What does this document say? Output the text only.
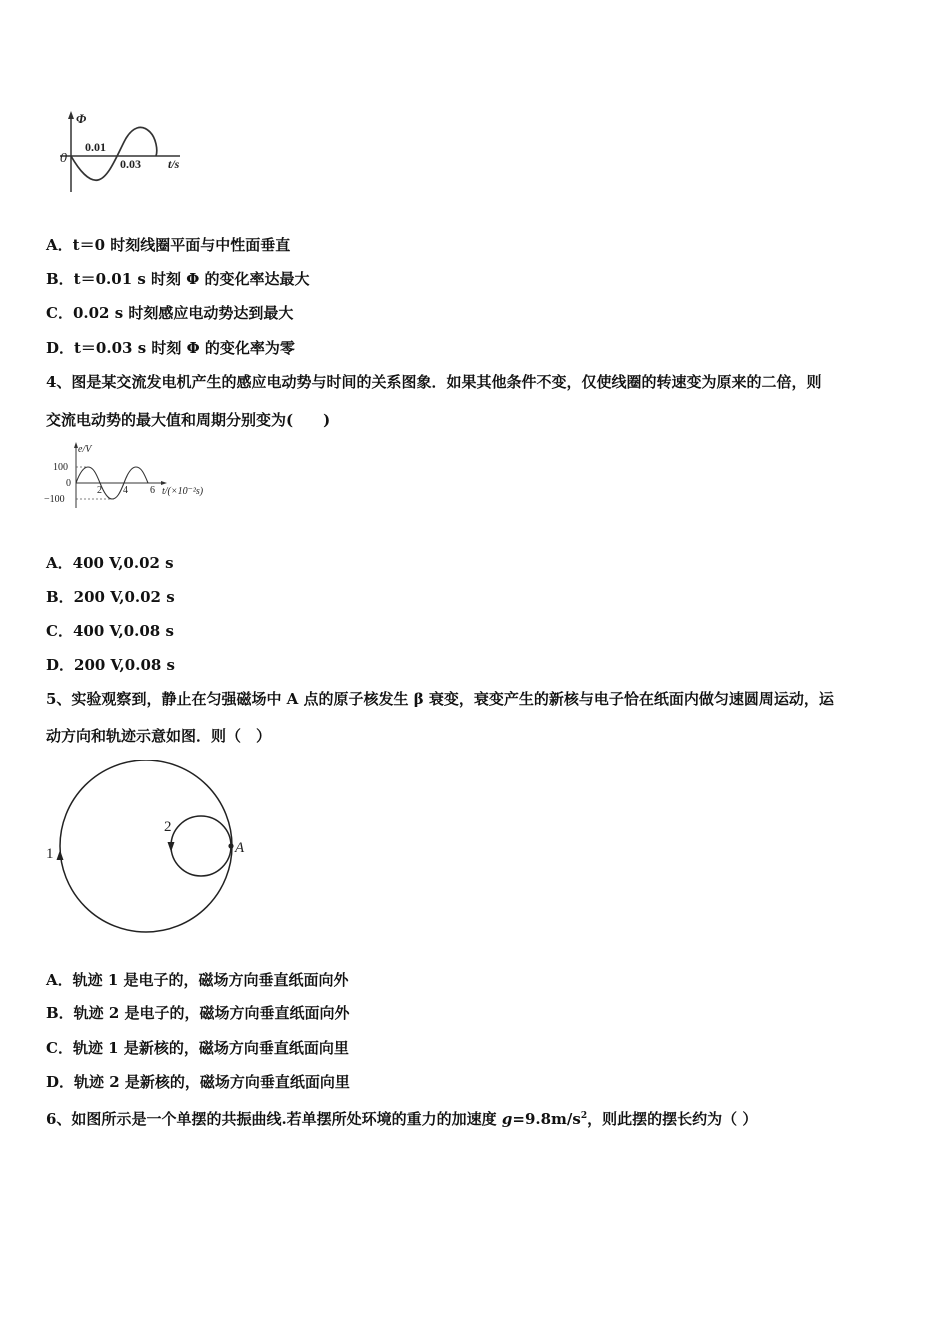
Φ
0
0.01
0.03 t/s
A．t＝0 时刻线圈平面与中性面垂直
B．t＝0.01 s 时刻 Φ 的变化率达最大
C．0.02 s 时刻感应电动势达到最大
D．t＝0.03 s 时刻 Φ 的变化率为零
4、图是某交流发电机产生的感应电动势与时间的关系图象．如果其他条件不变，仅使线圈的转速变为原来的二倍，则
交流电动势的最大值和周期分别变为(　　)
e/V
100
0
−100
2 4 6 t/(×10⁻²s)
A．400 V,0.02 s
B．200 V,0.02 s
C．400 V,0.08 s
D．200 V,0.08 s
5、实验观察到，静止在匀强磁场中 A 点的原子核发生 β 衰变，衰变产生的新核与电子恰在纸面内做匀速圆周运动，运
动方向和轨迹示意如图．则（　）
1
2
A
A．轨迹 1 是电子的，磁场方向垂直纸面向外
B．轨迹 2 是电子的，磁场方向垂直纸面向外
C．轨迹 1 是新核的，磁场方向垂直纸面向里
D．轨迹 2 是新核的，磁场方向垂直纸面向里
6、如图所示是一个单摆的共振曲线.若单摆所处环境的重力的加速度 $g=9.8m/s^2$，则此摆的摆长约为（ ）
